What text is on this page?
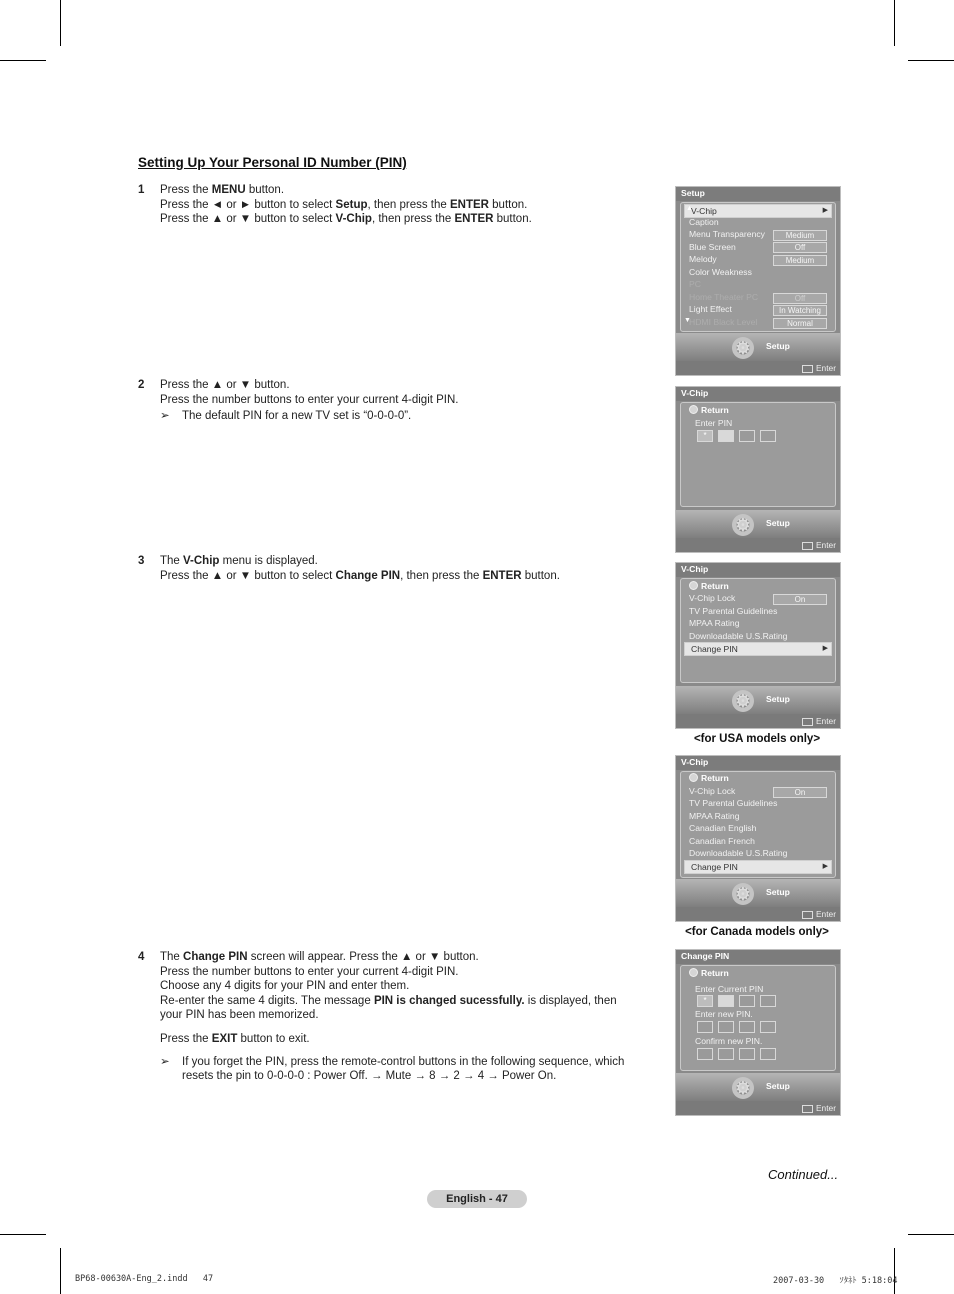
Setting Up Your Personal ID Number (PIN)
1 Press the MENU button.
Press the ◄ or ► button to select Setup, then press the ENTER button.
Press the ▲ or ▼ button to select V-Chip, then press the ENTER button.
2 Press the ▲ or ▼ button.
Press the number buttons to enter your current 4-digit PIN.
➢ The default PIN for a new TV set is “0-0-0-0”.
3 The V-Chip menu is displayed.
Press the ▲ or ▼ button to select Change PIN, then press the ENTER button.
4 The Change PIN screen will appear. Press the ▲ or ▼ button.
Press the number buttons to enter your current 4-digit PIN.
Choose any 4 digits for your PIN and enter them.
Re-enter the same 4 digits. The message PIN is changed sucessfully. is displayed, then your PIN has been memorized.
Press the EXIT button to exit.
➢ If you forget the PIN, press the remote-control buttons in the following sequence, which resets the pin to 0-0-0-0 : Power Off. → Mute → 8 → 2 → 4 → Power On.
Setup
▲
V-Chip	▶
Caption
Menu Transparency	Medium
Blue Screen	Off
Melody	Medium
Color Weakness
PC
Home Theater PC	Off
Light Effect	In Watching
▼
HDMI Black Level	Normal
⚙	Setup
Enter
V-Chip
Return
Enter PIN
*
⚙	Setup
Enter
V-Chip
Return
V-Chip Lock	On
TV Parental Guidelines
MPAA Rating
Downloadable U.S.Rating
Change PIN	▶
⚙	Setup
Enter
<for USA models only>
V-Chip
Return
V-Chip Lock	On
TV Parental Guidelines
MPAA Rating
Canadian English
Canadian French
Downloadable U.S.Rating
Change PIN	▶
⚙	Setup
Enter
<for Canada models only>
Change PIN
Return
Enter Current PIN
*
Enter new PIN.
Confirm new PIN.
⚙	Setup
Enter
Continued...
English - 47
BP68-00630A-Eng_2.indd   47	2007-03-30   ｿﾀﾈﾄ 5:18:04
